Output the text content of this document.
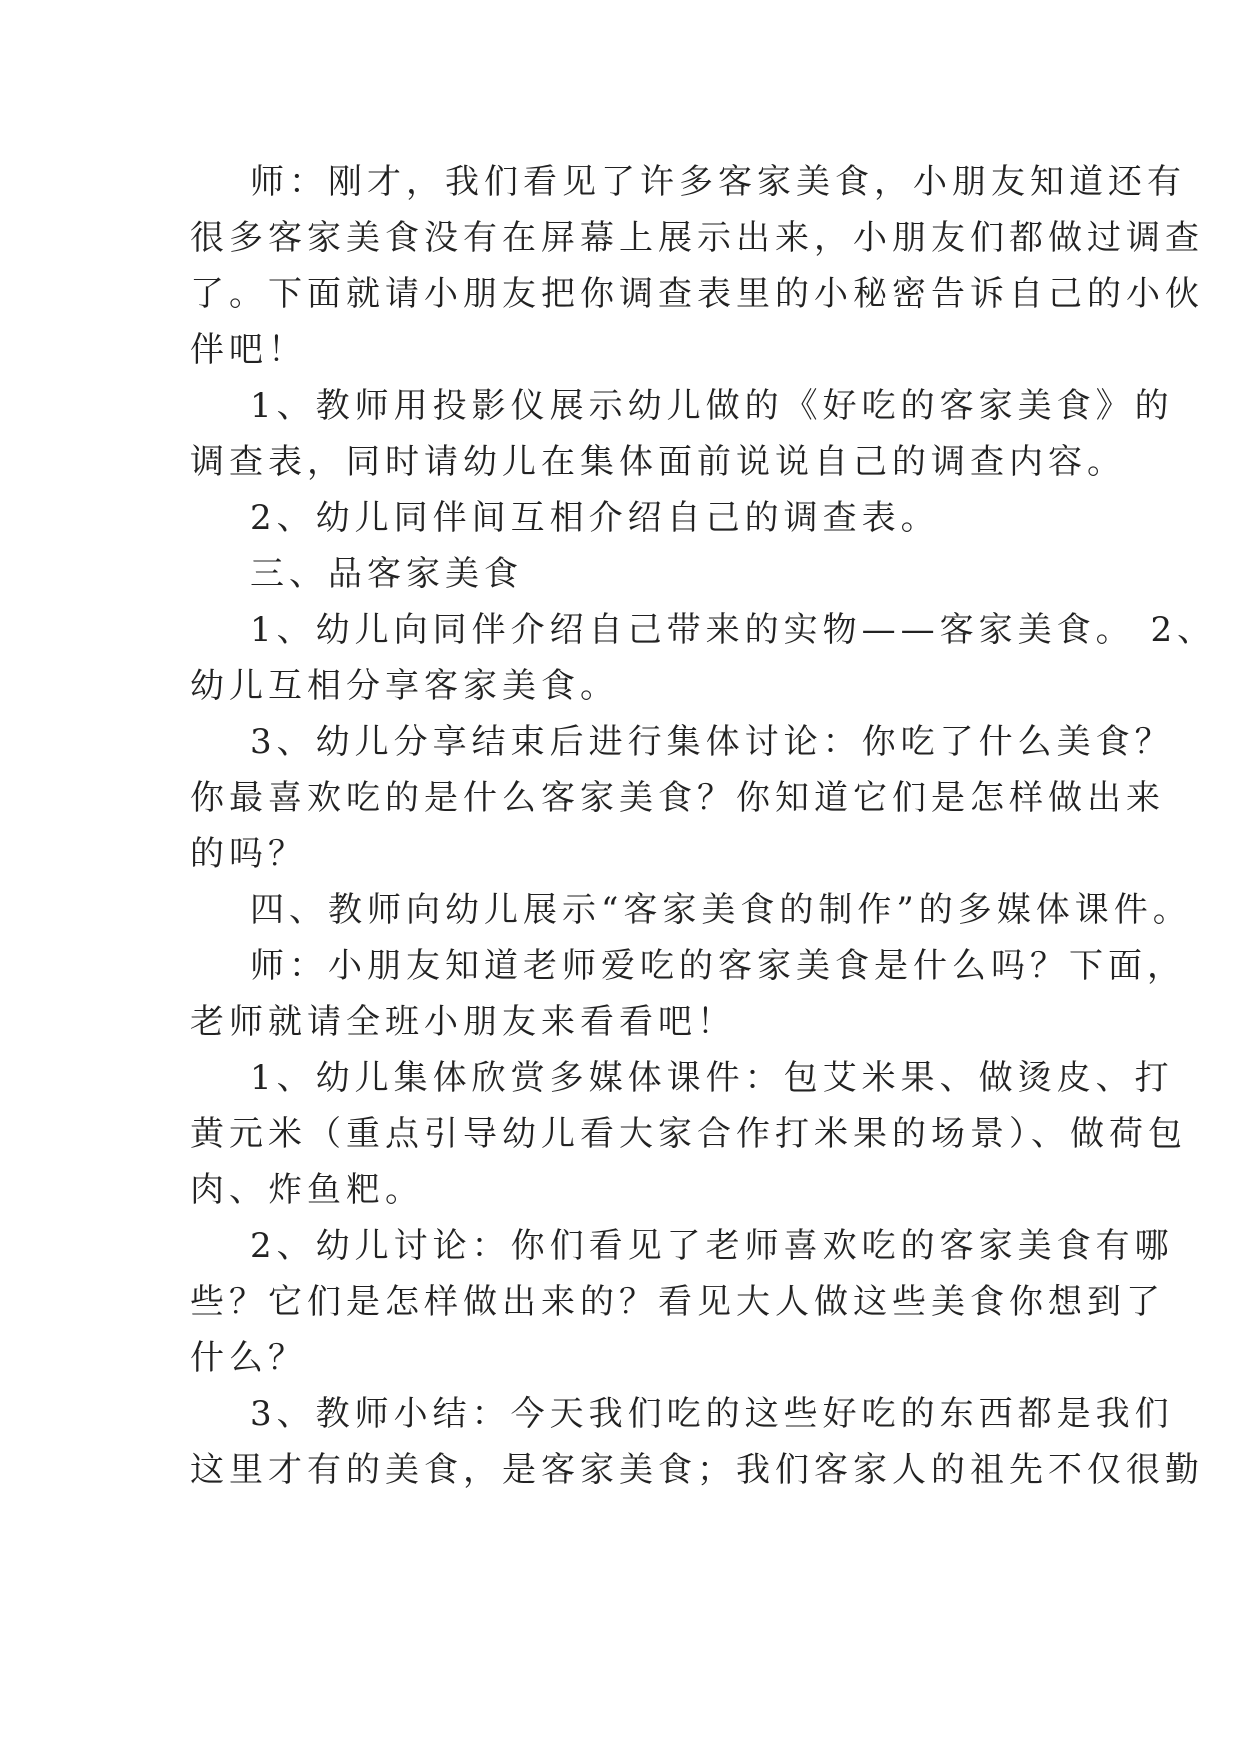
师：刚才，我们看见了许多客家美食，小朋友知道还有
很多客家美食没有在屏幕上展示出来，小朋友们都做过调查
了。下面就请小朋友把你调查表里的小秘密告诉自己的小伙
伴吧！
1、教师用投影仪展示幼儿做的《好吃的客家美食》的
调查表，同时请幼儿在集体面前说说自己的调查内容。
2、幼儿同伴间互相介绍自己的调查表。
三、品客家美食
1、幼儿向同伴介绍自己带来的实物——客家美食。 2、
幼儿互相分享客家美食。
3、幼儿分享结束后进行集体讨论：你吃了什么美食？
你最喜欢吃的是什么客家美食？你知道它们是怎样做出来
的吗？
四、教师向幼儿展示“客家美食的制作”的多媒体课件。
师：小朋友知道老师爱吃的客家美食是什么吗？下面，
老师就请全班小朋友来看看吧！
1、幼儿集体欣赏多媒体课件：包艾米果、做烫皮、打
黄元米（重点引导幼儿看大家合作打米果的场景）、做荷包
肉、炸鱼粑。
2、幼儿讨论：你们看见了老师喜欢吃的客家美食有哪
些？它们是怎样做出来的？看见大人做这些美食你想到了
什么？
3、教师小结：今天我们吃的这些好吃的东西都是我们
这里才有的美食，是客家美食；我们客家人的祖先不仅很勤
